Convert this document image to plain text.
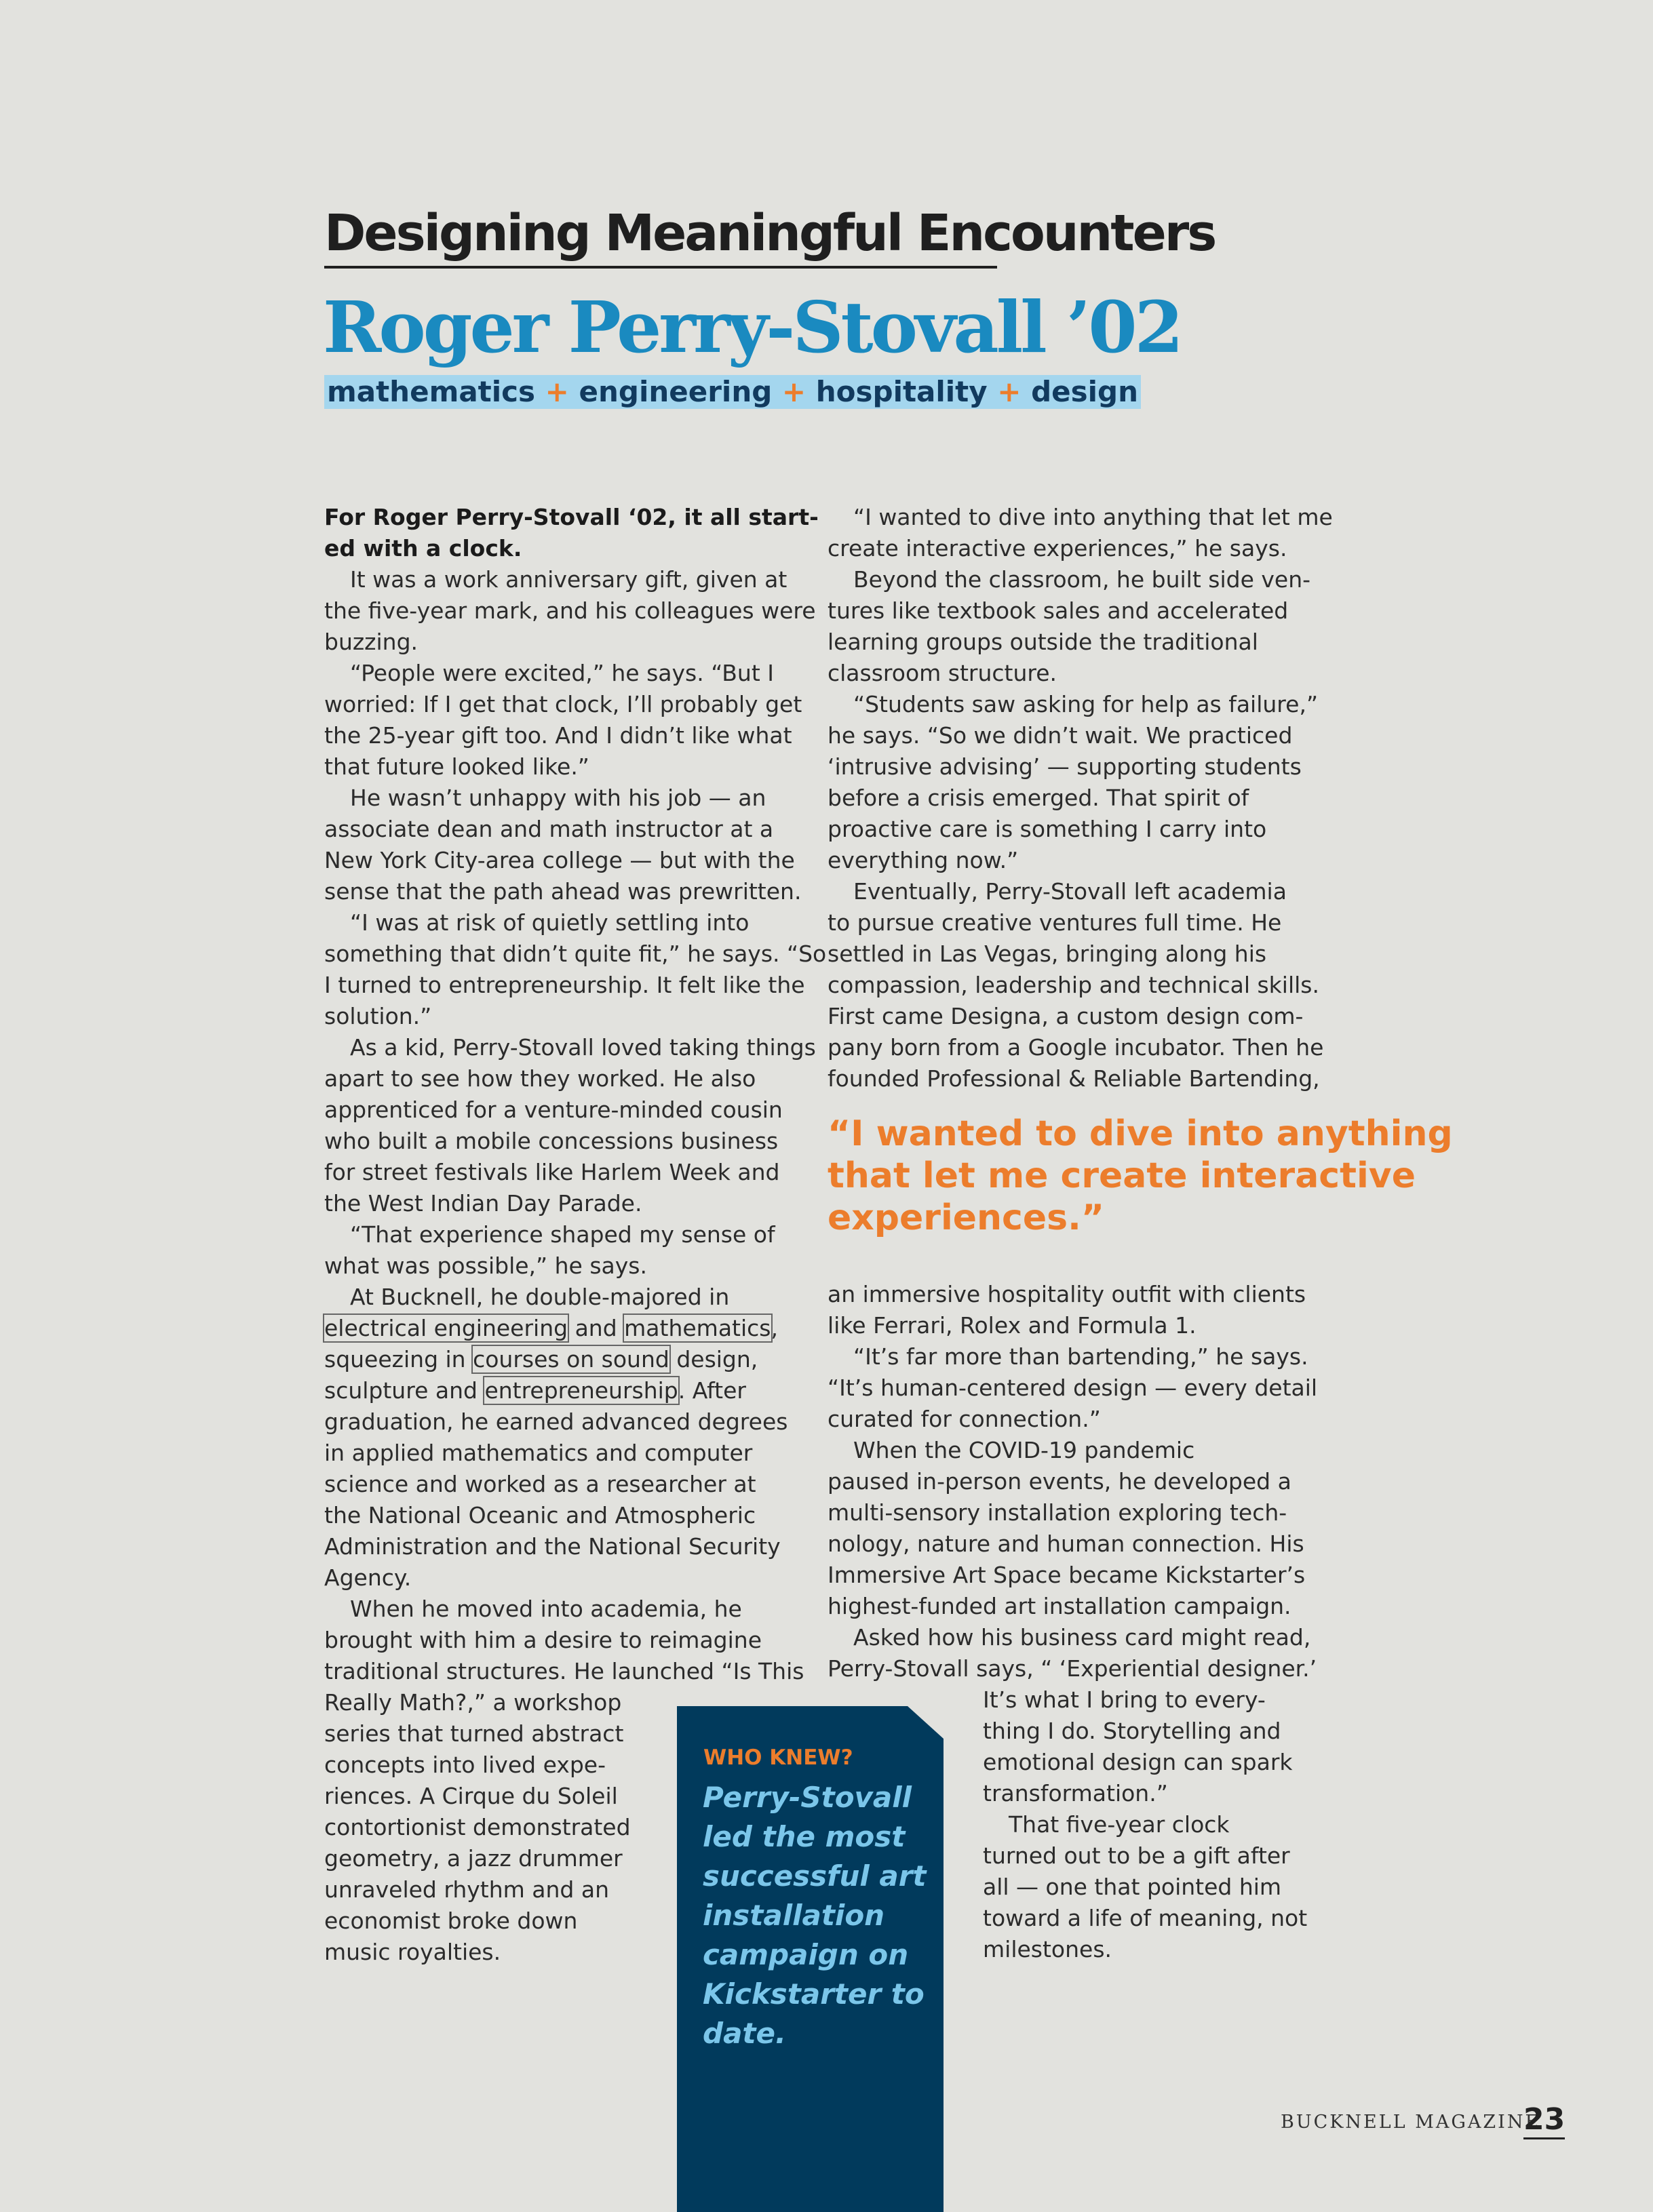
Designing Meaningful Encounters
Roger Perry-Stovall ’02
mathematics + engineering + hospitality + design
For Roger Perry-Stovall ‘02, it all start-
ed with a clock.
It was a work anniversary gift, given at
the five-year mark, and his colleagues were
buzzing.
“People were excited,” he says. “But I
worried: If I get that clock, I’ll probably get
the 25-year gift too. And I didn’t like what
that future looked like.”
He wasn’t unhappy with his job — an
associate dean and math instructor at a
New York City-area college — but with the
sense that the path ahead was prewritten.
“I was at risk of quietly settling into
something that didn’t quite fit,” he says. “So
I turned to entrepreneurship. It felt like the
solution.”
As a kid, Perry-Stovall loved taking things
apart to see how they worked. He also
apprenticed for a venture-minded cousin
who built a mobile concessions business
for street festivals like Harlem Week and
the West Indian Day Parade.
“That experience shaped my sense of
what was possible,” he says.
At Bucknell, he double-majored in
electrical engineering and mathematics,
squeezing in courses on sound design,
sculpture and entrepreneurship. After
graduation, he earned advanced degrees
in applied mathematics and computer
science and worked as a researcher at
the National Oceanic and Atmospheric
Administration and the National Security
Agency.
When he moved into academia, he
brought with him a desire to reimagine
traditional structures. He launched “Is This
Really Math?,” a workshop
series that turned abstract
concepts into lived expe-
riences. A Cirque du Soleil
contortionist demonstrated
geometry, a jazz drummer
unraveled rhythm and an
economist broke down
music royalties.
“I wanted to dive into anything that let me
create interactive experiences,” he says.
Beyond the classroom, he built side ven-
tures like textbook sales and accelerated
learning groups outside the traditional
classroom structure.
“Students saw asking for help as failure,”
he says. “So we didn’t wait. We practiced
‘intrusive advising’ — supporting students
before a crisis emerged. That spirit of
proactive care is something I carry into
everything now.”
Eventually, Perry-Stovall left academia
to pursue creative ventures full time. He
settled in Las Vegas, bringing along his
compassion, leadership and technical skills.
First came Designa, a custom design com-
pany born from a Google incubator. Then he
founded Professional & Reliable Bartending,
“I wanted to dive into anything
that let me create interactive
experiences.”
an immersive hospitality outfit with clients
like Ferrari, Rolex and Formula 1.
“It’s far more than bartending,” he says.
“It’s human-centered design — every detail
curated for connection.”
When the COVID-19 pandemic
paused in-person events, he developed a
multi-sensory installation exploring tech-
nology, nature and human connection. His
Immersive Art Space became Kickstarter’s
highest-funded art installation campaign.
Asked how his business card might read,
Perry-Stovall says, “ ‘Experiential designer.’
It’s what I bring to every-
thing I do. Storytelling and
emotional design can spark
transformation.”
That five-year clock
turned out to be a gift after
all — one that pointed him
toward a life of meaning, not
milestones.
WHO KNEW?
Perry-Stovall
led the most
successful art
installation
campaign on
Kickstarter to
date.
BUCKNELL MAGAZINE
23
